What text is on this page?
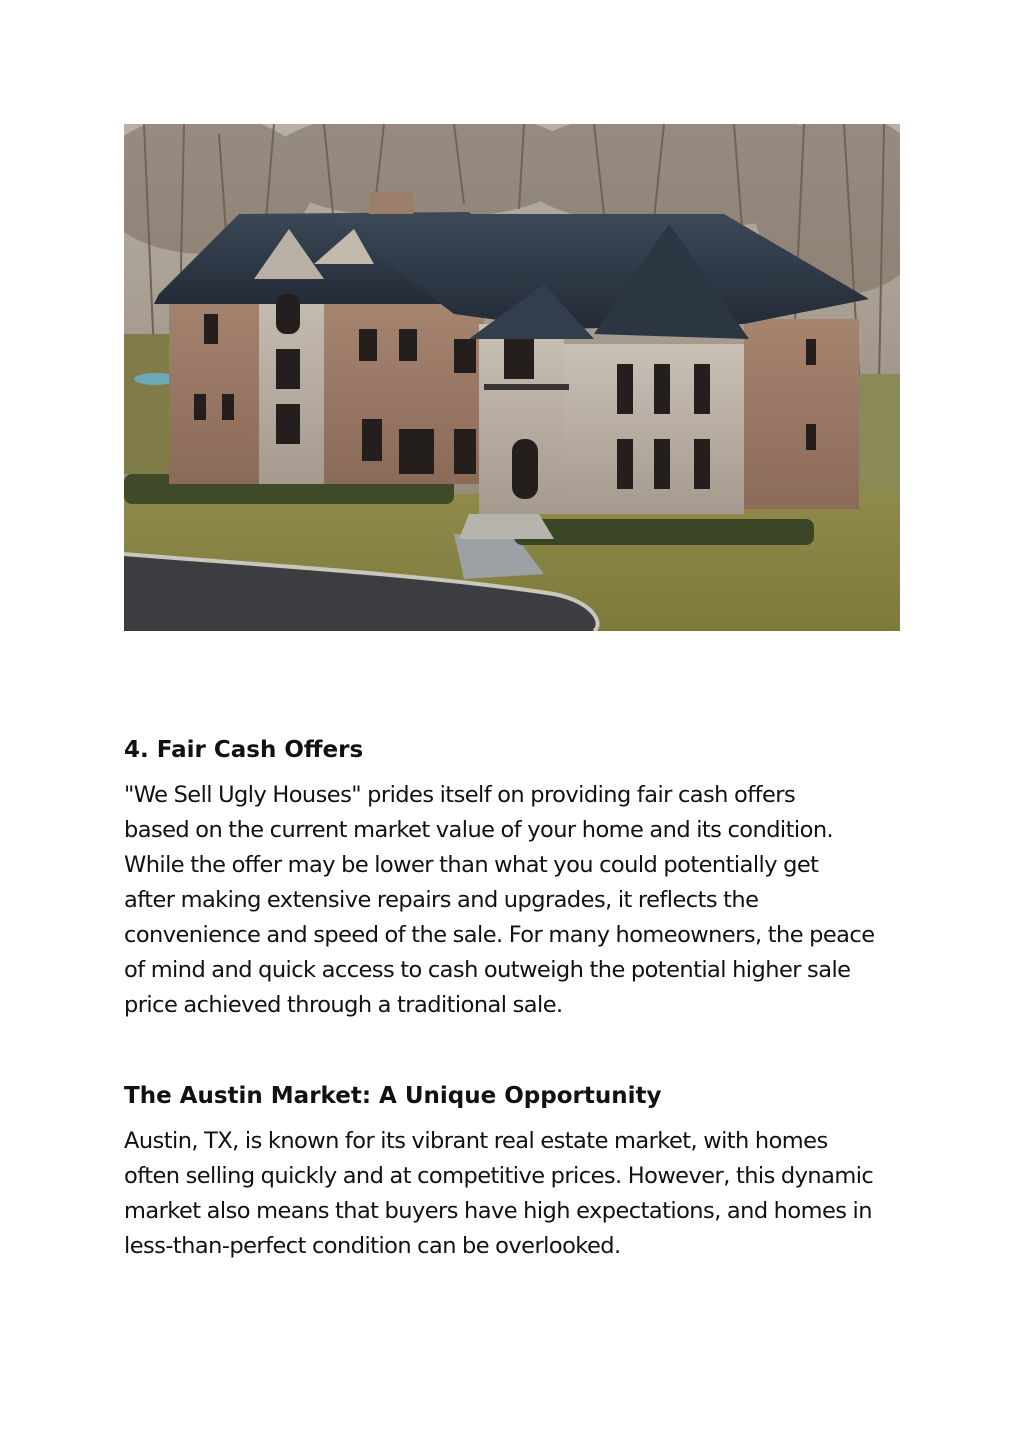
4. Fair Cash Offers

"We Sell Ugly Houses" prides itself on providing fair cash offers
based on the current market value of your home and its condition.
While the offer may be lower than what you could potentially get
after making extensive repairs and upgrades, it reflects the
convenience and speed of the sale. For many homeowners, the peace
of mind and quick access to cash outweigh the potential higher sale
price achieved through a traditional sale.

The Austin Market: A Unique Opportunity

Austin, TX, is known for its vibrant real estate market, with homes
often selling quickly and at competitive prices. However, this dynamic
market also means that buyers have high expectations, and homes in
less-than-perfect condition can be overlooked.
